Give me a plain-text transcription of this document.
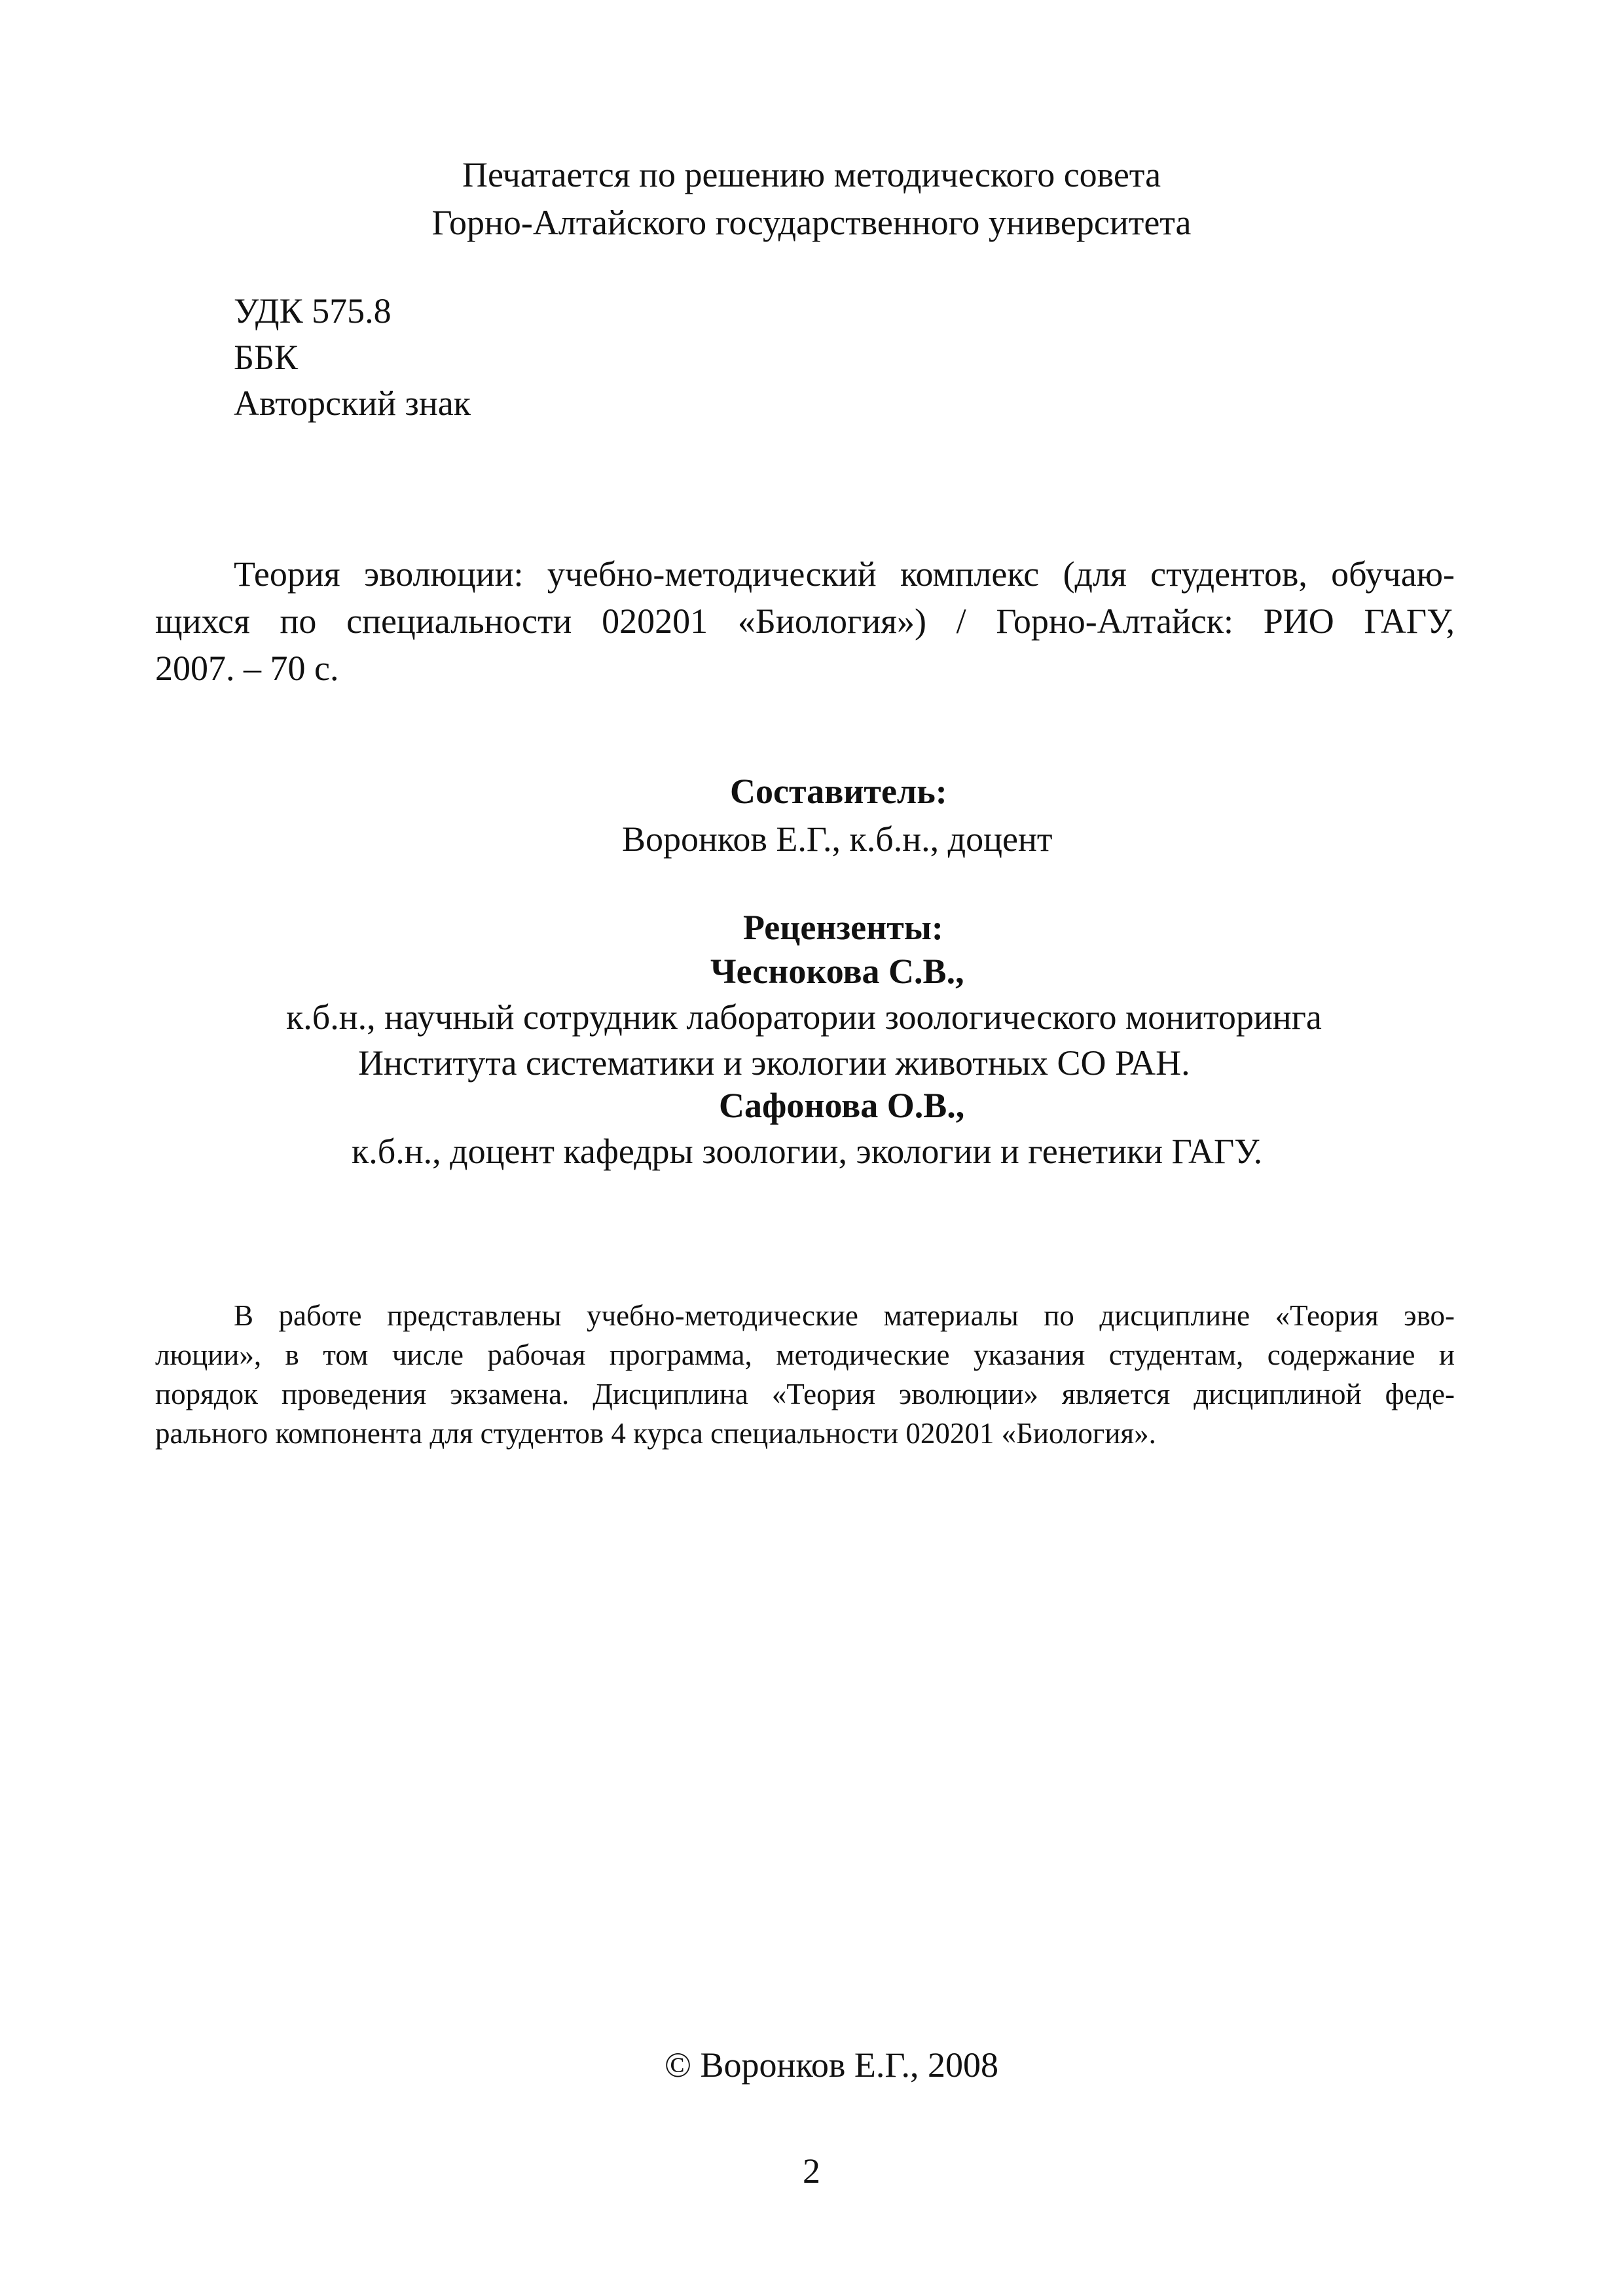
Печатается по решению методического совета
Горно-Алтайского государственного университета
УДК 575.8
ББК
Авторский знак
Теория эволюции: учебно-методический комплекс (для студентов, обучаю-
щихся по специальности 020201 «Биология») / Горно-Алтайск: РИО ГАГУ,
2007. – 70 с.
Составитель:
Воронков Е.Г., к.б.н., доцент
Рецензенты:
Чеснокова С.В.,
к.б.н., научный сотрудник лаборатории зоологического мониторинга
Института систематики и экологии животных СО РАН.
Сафонова О.В.,
к.б.н., доцент кафедры зоологии, экологии и генетики ГАГУ.
В работе представлены учебно-методические материалы по дисциплине «Теория эво-
люции», в том числе рабочая программа, методические указания студентам, содержание и
порядок проведения экзамена. Дисциплина «Теория эволюции» является дисциплиной феде-
рального компонента для студентов 4 курса специальности 020201 «Биология».
© Воронков Е.Г., 2008
2
